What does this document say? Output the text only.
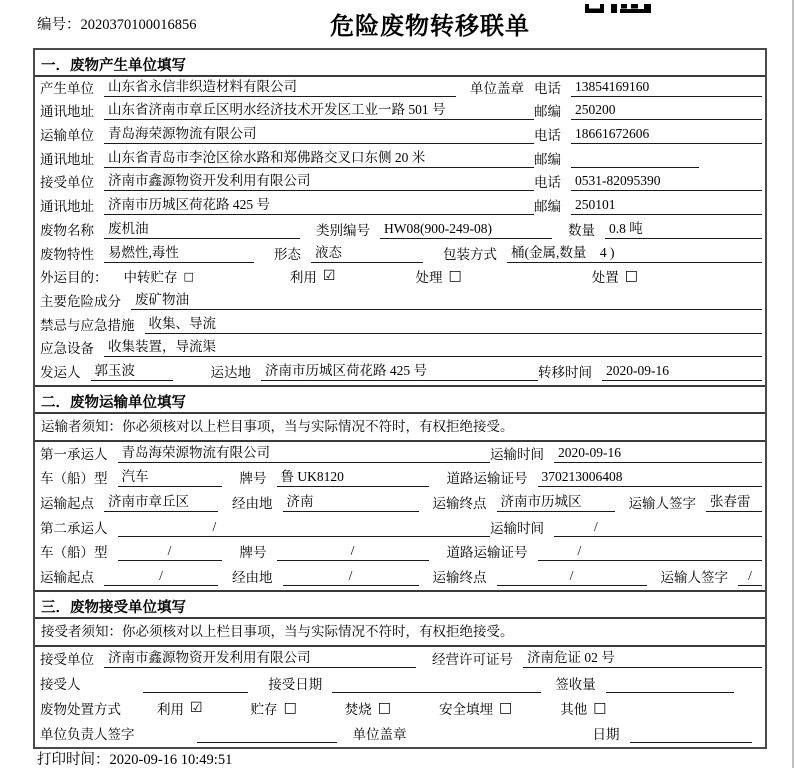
编号：2020370100016856	危险废物转移联单
一．废物产生单位填写
产生单位 山东省永信非织造材料有限公司	单位盖章 电话 13854169160
通讯地址 山东省济南市章丘区明水经济技术开发区工业一路 501 号	邮编 250200
运输单位 青岛海荣源物流有限公司	电话 18661672606
通讯地址 山东省青岛市李沧区徐水路和郑佛路交叉口东侧 20 米	邮编
接受单位 济南市鑫源物资开发利用有限公司	电话 0531-82095390
通讯地址 济南市历城区荷花路 425 号	邮编 250101
废物名称 废机油	类别编号 HW08(900-249-08)	数量 0.8 吨
废物特性 易燃性,毒性	形态 液态	包装方式 桶(金属,数量　4 )
外运目的： 中转贮存 □	利用 ☑	处理 □	处置 □
主要危险成分 废矿物油
禁忌与应急措施 收集、导流
应急设备 收集装置，导流渠
发运人 郭玉波	运达地 济南市历城区荷花路 425 号	转移时间 2020-09-16
二．废物运输单位填写
运输者须知：你必须核对以上栏目事项，当与实际情况不符时，有权拒绝接受。
第一承运人 青岛海荣源物流有限公司	运输时间 2020-09-16
车（船）型 汽车	牌号 鲁 UK8120	道路运输证号 370213006408
运输起点 济南市章丘区	经由地 济南	运输终点 济南市历城区	运输人签字 张春雷
第二承运人	/	运输时间	/
车（船）型	/	牌号	/	道路运输证号	/
运输起点	/	经由地	/	运输终点	/	运输人签字	/
三．废物接受单位填写
接受者须知：你必须核对以上栏目事项，当与实际情况不符时，有权拒绝接受。
接受单位 济南市鑫源物资开发利用有限公司	经营许可证号 济南危证 02 号
接受人	接受日期	签收量
废物处置方式	利用 ☑	贮存 □	焚烧 □	安全填埋 □	其他 □
单位负责人签字	单位盖章	日期
打印时间：2020-09-16 10:49:51
